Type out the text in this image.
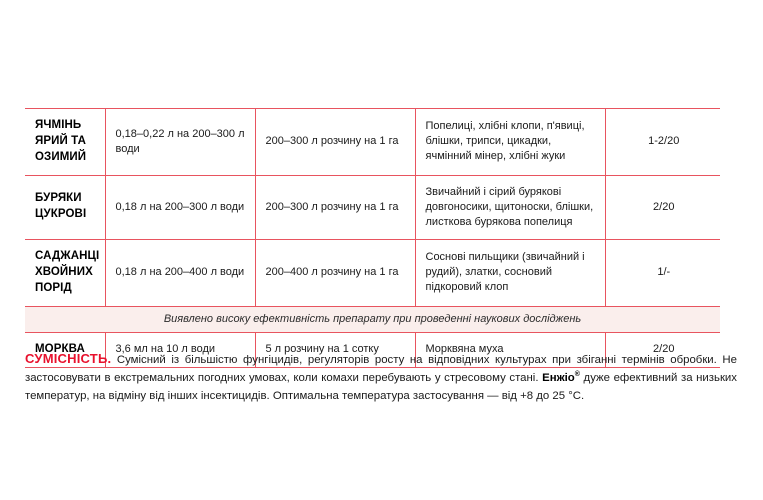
ЯЧМІНЬ ЯРИЙ ТА ОЗИМИЙ	0,18–0,22 л на 200–300 л води	200–300 л розчину на 1 га	Попелиці, хлібні клопи, п'явиці, блішки, трипси, цикадки, ячмінний мінер, хлібні жуки	1-2/20
БУРЯКИ ЦУКРОВІ	0,18 л на 200–300 л води	200–300 л розчину на 1 га	Звичайний і сірий бурякові довгоносики, щитоноски, блішки, листкова бурякова попелиця	2/20
САДЖАНЦІ ХВОЙНИХ ПОРІД	0,18 л на 200–400 л води	200–400 л розчину на 1 га	Соснові пильщики (звичайний і рудий), златки, сосновий підкоровий клоп	1/-
Виявлено високу ефективність препарату при проведенні наукових досліджень				
МОРКВА	3,6 мл на 10 л води	5 л розчину на 1 сотку	Морквяна муха	2/20

СУМІСНІСТЬ. Сумісний із більшістю фунгіцидів, регуляторів росту на відповідних культурах при збіганні термінів обробки. Не застосовувати в екстремальних погодних умовах, коли комахи перебувають у стресовому стані. Енжіо® дуже ефективний за низьких температур, на відміну від інших інсектицидів. Оптимальна температура застосування — від +8 до 25 °C.
